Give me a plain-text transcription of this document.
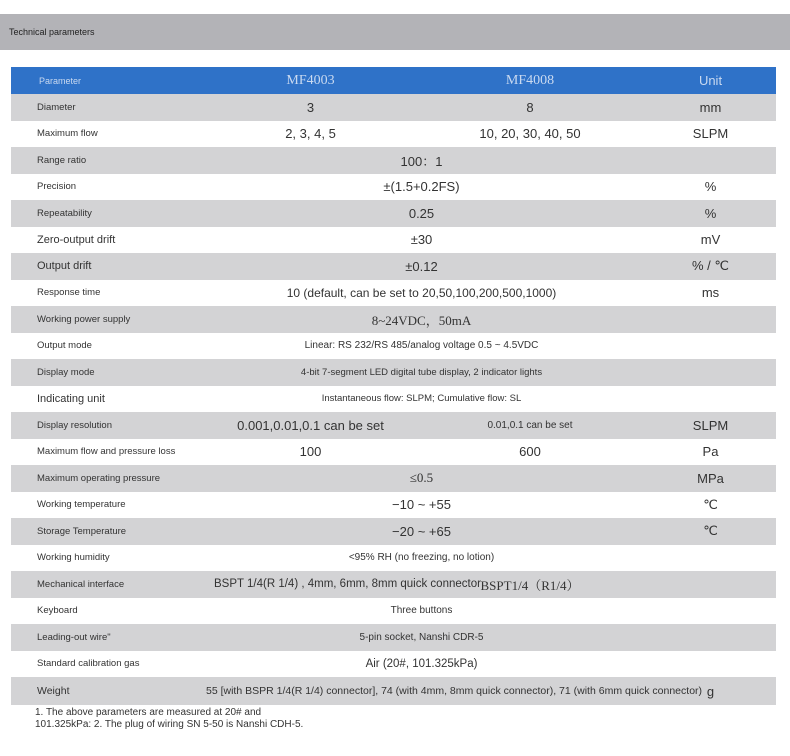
Technical parameters
Parameter	MF4003	MF4008	Unit
Diameter	3	8	mm
Maximum flow	2, 3, 4, 5	10, 20, 30, 40, 50	SLPM
Range ratio	100：1
Precision	±(1.5+0.2FS)	%
Repeatability	0.25	%
Zero-output drift	±30	mV
Output drift	±0.12	% / ℃
Response time	10 (default, can be set to 20,50,100,200,500,1000)	ms
Working power supply	8~24VDC，50mA
Output mode	Linear: RS 232/RS 485/analog voltage 0.5 ~ 4.5VDC
Display mode	4-bit 7-segment LED digital tube display, 2 indicator lights
Indicating unit	Instantaneous flow: SLPM; Cumulative flow: SL
Display resolution	0.001,0.01,0.1 can be set	0.01,0.1 can be set	SLPM
Maximum flow and pressure loss	100	600	Pa
Maximum operating pressure	≤0.5	MPa
Working temperature	−10 ~ +55	℃
Storage Temperature	−20 ~ +65	℃
Working humidity	<95% RH (no freezing, no lotion)
Mechanical interface	BSPT 1/4(R 1/4) , 4mm, 6mm, 8mm quick connector BSPT1/4（R1/4）
Keyboard	Three buttons
Leading-out wire"	5-pin socket, Nanshi CDR-5
Standard calibration gas	Air (20#, 101.325kPa)
Weight	55 [with BSPR 1/4(R 1/4) connector], 74 (with 4mm, 8mm quick connector), 71 (with 6mm quick connector) g
1. The above parameters are measured at 20# and 101.325kPa: 2. The plug of wiring SN 5-50 is Nanshi CDH-5.
